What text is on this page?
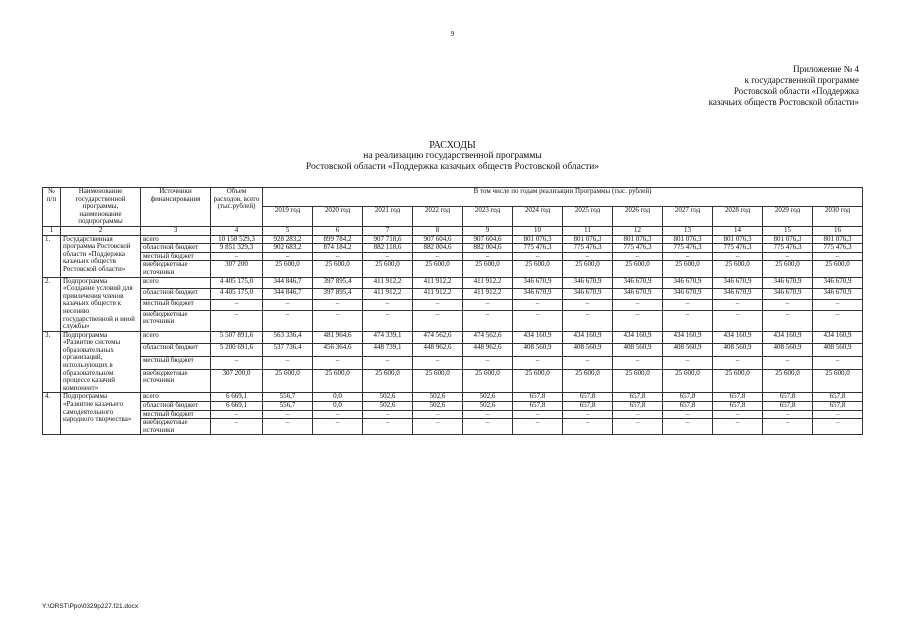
9
Приложение № 4
к государственной программе
Ростовской области «Поддержка
казачьих обществ Ростовской области»
РАСХОДЫ
на реализацию государственной программы
Ростовской области «Поддержка казачьих обществ Ростовской области»
№ п/п	Наименование государственной программы, наименование подпрограммы	Источники финансирования	Объем расходов, всего (тыс.рублей)	В том числе по годам реализации Программы (тыс. рублей)											
				2019 год	2020 год	2021 год	2022 год	2023 год	2024 год	2025 год	2026 год	2027 год	2028 год	2029 год	2030 год
1	2	3	4	5	6	7	8	9	10	11	12	13	14	15	16
1.	Государственная программа Ростовской области «Поддержка казачьих обществ Ростовской области»	всего	10 158 529,3	928 283,2	899 784,2	907 718,6	907 604,6	907 604,6	801 076,3	801 076,3	801 076,3	801 076,3	801 076,3	801 076,3	801 076,3
		областной бюджет	9 851 329,3	902 683,2	874 184,2	882 118,6	882 004,6	882 004,6	775 476,3	775 476,3	775 476,3	775 476,3	775 476,3	775 476,3	775 476,3
		местный бюджет	–	–	–	–	–	–	–	–	–	–	–	–	–
		внебюджетные источники	307 200	25 600,0	25 600,0	25 600,0	25 600,0	25 600,0	25 600,0	25 600,0	25 600,0	25 600,0	25 600,0	25 600,0	25 600,0
2.	Подпрограмма «Создание условий для привлечения членов казачьих обществ к несению государственной и иной службы»	всего	4 405 175,0	344 846,7	397 895,4	411 912,2	411 912,2	411 912,2	346 670,9	346 670,9	346 670,9	346 670,9	346 670,9	346 670,9	346 670,9
		областной бюджет	4 405 175,0	344 846,7	397 895,4	411 912,2	411 912,2	411 912,2	346 670,9	346 670,9	346 670,9	346 670,9	346 670,9	346 670,9	346 670,9
		местный бюджет	–	–	–	–	–	–	–	–	–	–	–	–	–
		внебюджетные источники	–	–	–	–	–	–	–	–	–	–	–	–	–
3.	Подпрограмма «Развитие системы образовательных организаций, использующих в образовательном процессе казачий компонент»	всего	5 507 891,6	563 336,4	481 964,6	474 339,1	474 562,6	474 562,6	434 160,9	434 160,9	434 160,9	434 160,9	434 160,9	434 160,9	434 160,9
		областной бюджет	5 200 691,6	537 736,4	456 364,6	448 739,1	448 962,6	448 962,6	408 560,9	408 560,9	408 560,9	408 560,9	408 560,9	408 560,9	408 560,9
		местный бюджет	–	–	–	–	–	–	–	–	–	–	–	–	–
		внебюджетные источники	307 200,0	25 600,0	25 600,0	25 600,0	25 600,0	25 600,0	25 600,0	25 600,0	25 600,0	25 600,0	25 600,0	25 600,0	25 600,0
4.	Подпрограмма «Развитие казачьего самодеятельного народного творчества»	всего	6 669,1	556,7	0,0	502,6	502,6	502,6	657,8	657,8	657,8	657,8	657,8	657,8	657,8
		областной бюджет	6 669,1	556,7	0,0	502,6	502,6	502,6	657,8	657,8	657,8	657,8	657,8	657,8	657,8
		местный бюджет	–	–	–	–	–	–	–	–	–	–	–	–	–
		внебюджетные источники	–	–	–	–	–	–	–	–	–	–	–	–	–
Y:\ORST\Ppo\0329p227.f21.docx
